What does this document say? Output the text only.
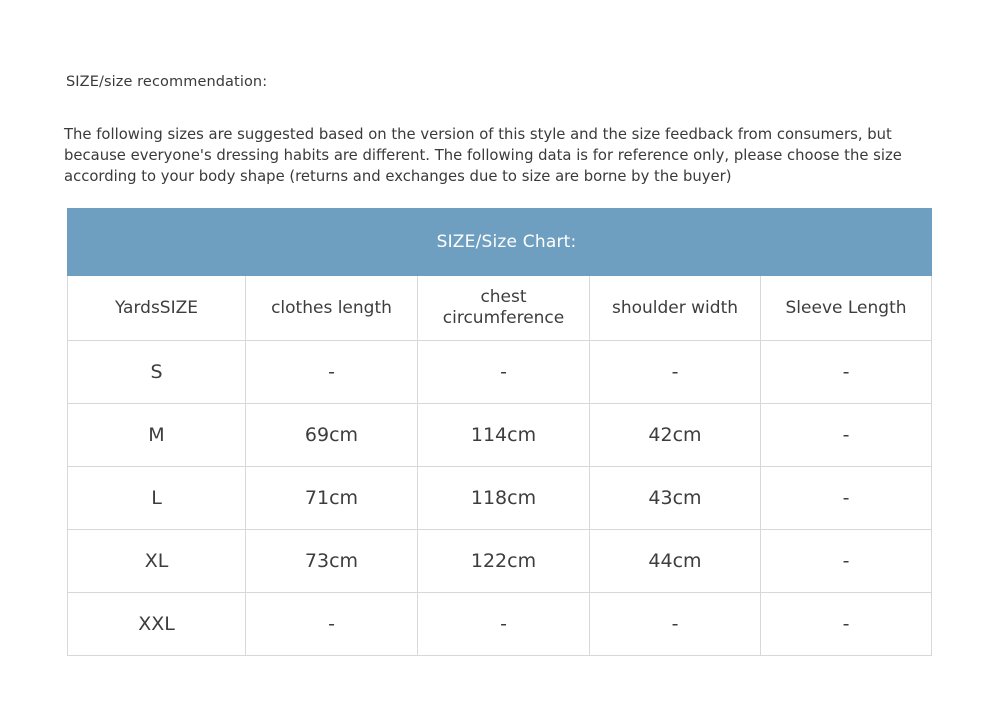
SIZE/size recommendation:
The following sizes are suggested based on the version of this style and the size feedback from consumers, but because everyone's dressing habits are different. The following data is for reference only, please choose the size according to your body shape (returns and exchanges due to size are borne by the buyer)
SIZE/Size Chart:				
YardsSIZE	clothes length	chest circumference	shoulder width	Sleeve Length
S	-	-	-	-
M	69cm	114cm	42cm	-
L	71cm	118cm	43cm	-
XL	73cm	122cm	44cm	-
XXL	-	-	-	-
